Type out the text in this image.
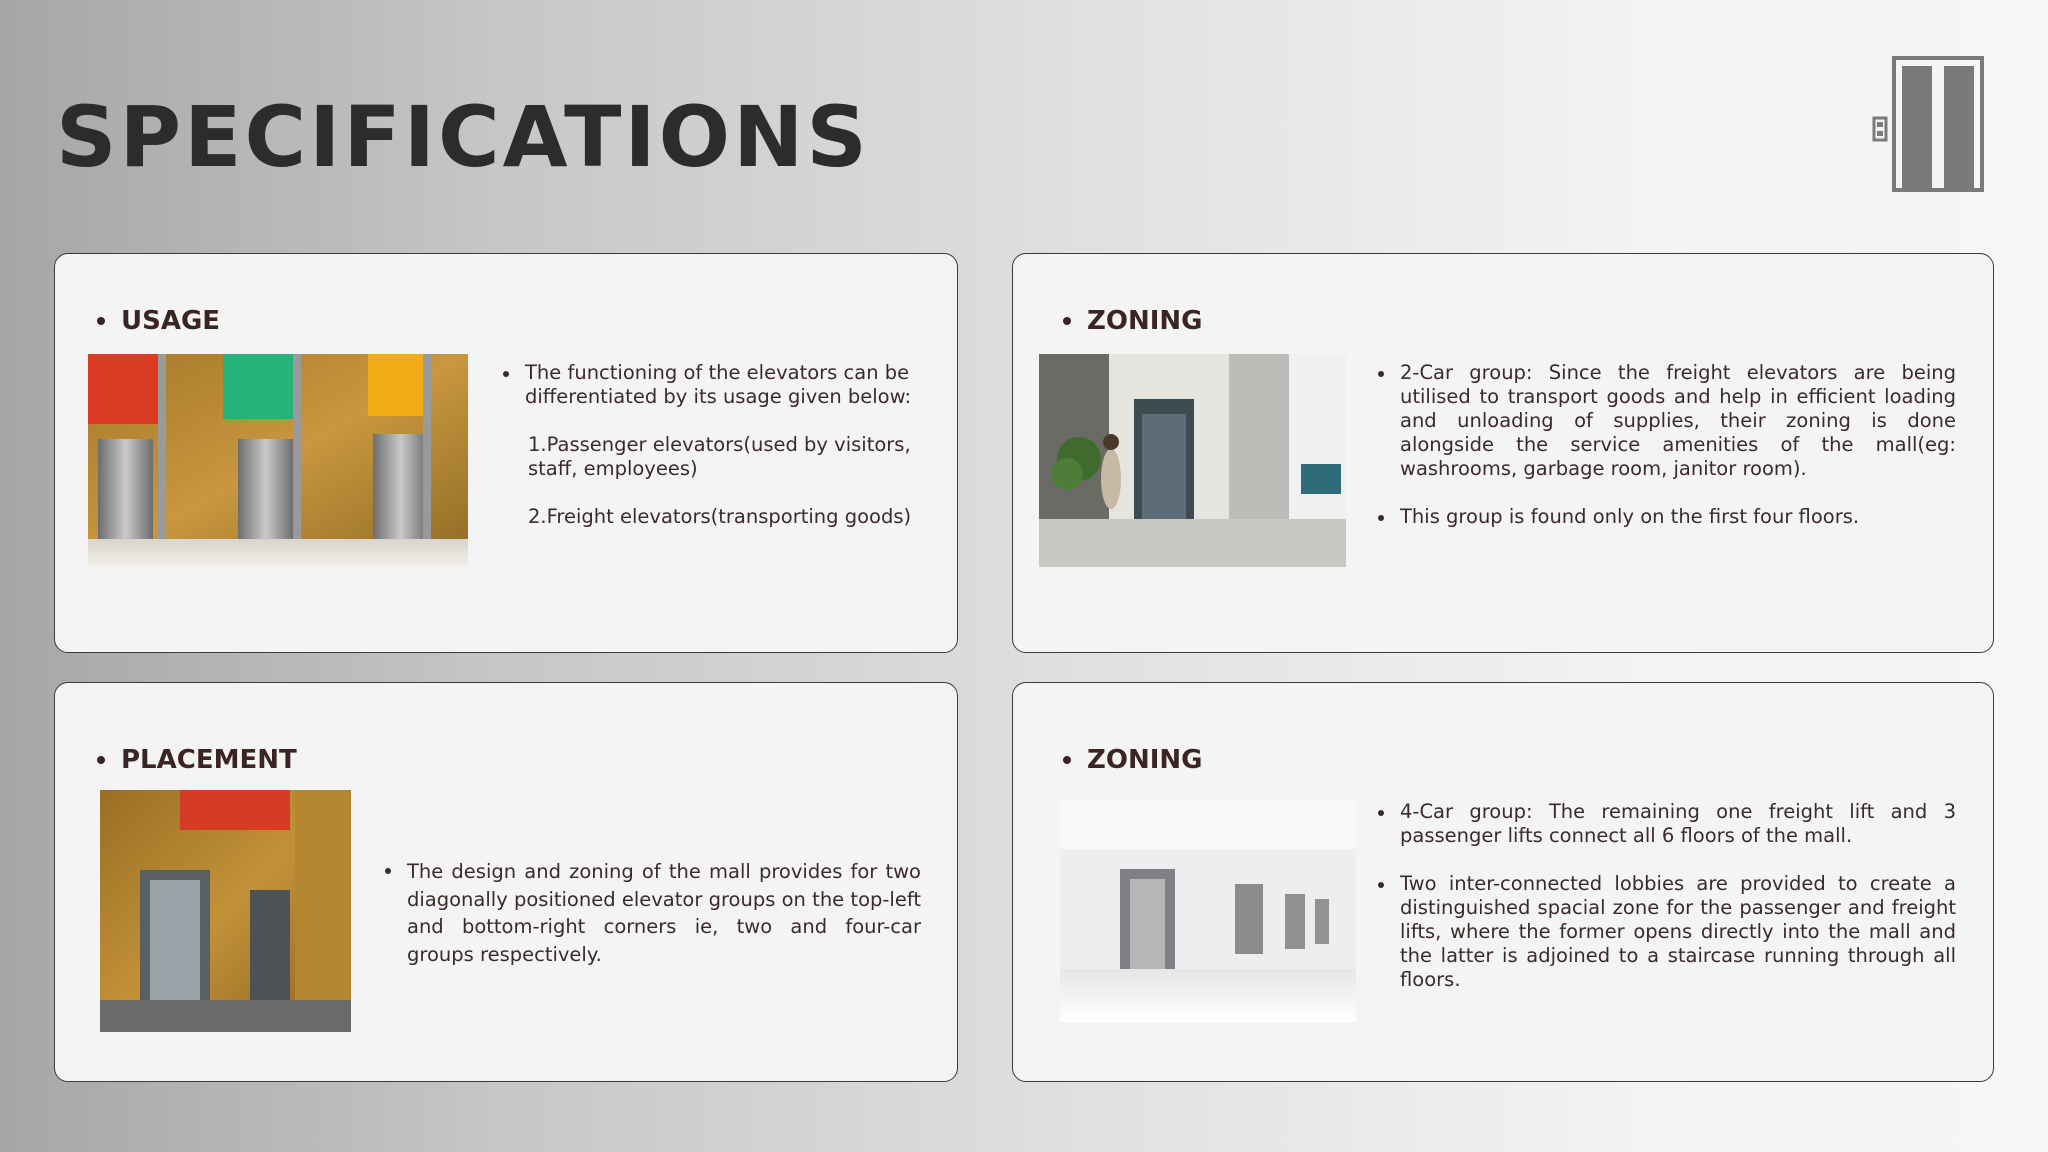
SPECIFICATIONS
USAGE

The functioning of the elevators can be differentiated by its usage given below:

1.Passenger elevators(used by visitors, staff, employees)

2.Freight elevators(transporting goods)

ZONING

2-Car group: Since the freight elevators are being utilised to transport goods and help in efficient loading and unloading of supplies, their zoning is done alongside the service amenities of the mall(eg: washrooms, garbage room, janitor room).

This group is found only on the first four floors.

PLACEMENT

The design and zoning of the mall provides for two diagonally positioned elevator groups on the top-left and bottom-right corners ie, two and four-car groups respectively.

ZONING

4-Car group: The remaining one freight lift and 3 passenger lifts connect all 6 floors of the mall.

Two inter-connected lobbies are provided to create a distinguished spacial zone for the passenger and freight lifts, where the former opens directly into the mall and the latter is adjoined to a staircase running through all floors.
